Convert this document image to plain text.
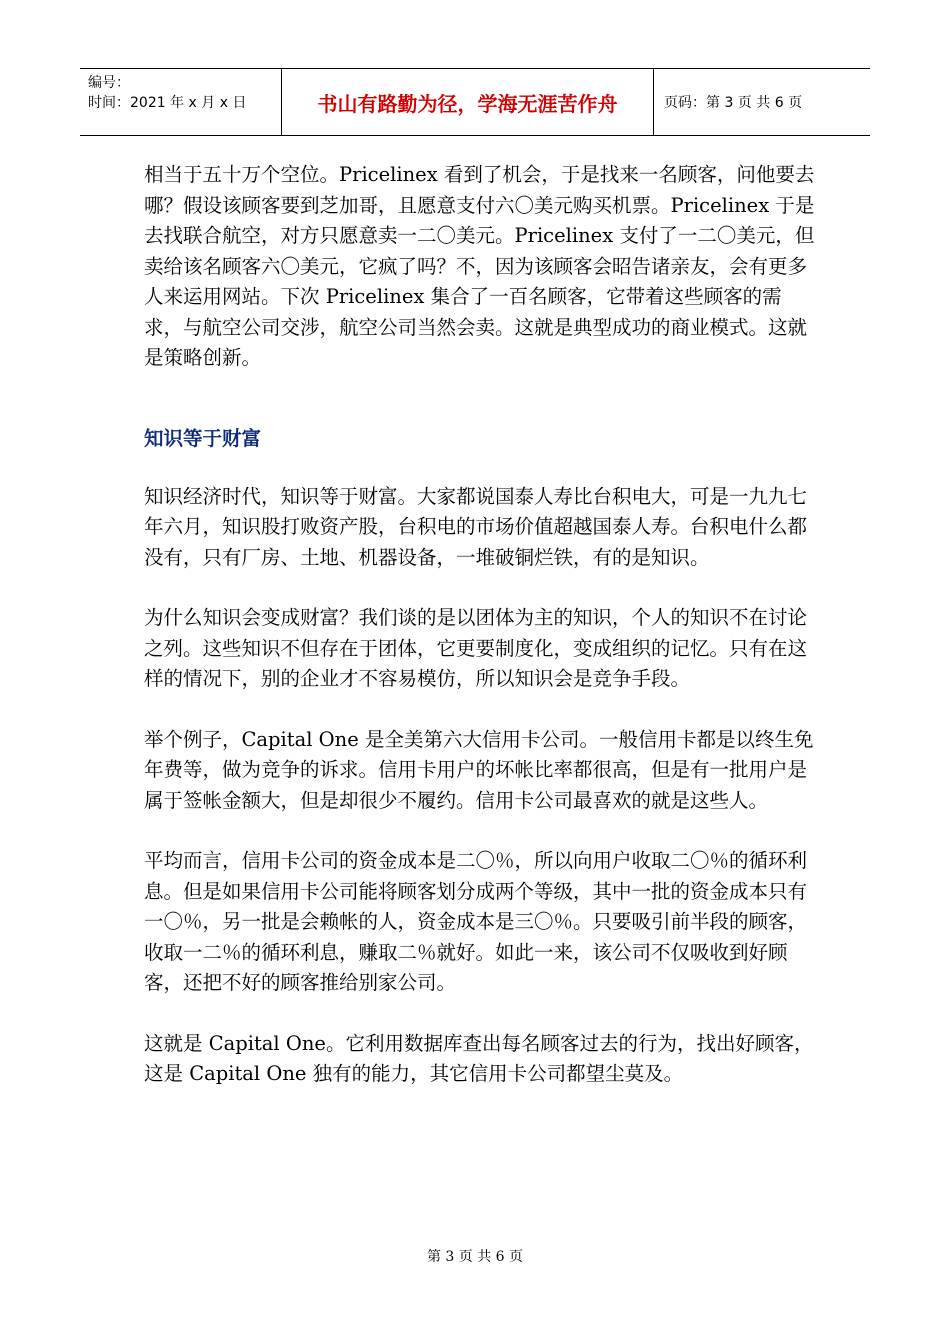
编号：
时间：2021 年 x 月 x 日	书山有路勤为径，学海无涯苦作舟	页码：第 3 页 共 6 页

相当于五十万个空位。Pricelinex 看到了机会，于是找来一名顾客，问他要去哪？假设该顾客要到芝加哥，且愿意支付六〇美元购买机票。Pricelinex 于是去找联合航空，对方只愿意卖一二〇美元。Pricelinex 支付了一二〇美元，但卖给该名顾客六〇美元，它疯了吗？不，因为该顾客会昭告诸亲友，会有更多人来运用网站。下次 Pricelinex 集合了一百名顾客，它带着这些顾客的需求，与航空公司交涉，航空公司当然会卖。这就是典型成功的商业模式。这就是策略创新。

知识等于财富

知识经济时代，知识等于财富。大家都说国泰人寿比台积电大，可是一九九七年六月，知识股打败资产股，台积电的市场价值超越国泰人寿。台积电什么都没有，只有厂房、土地、机器设备，一堆破铜烂铁，有的是知识。

为什么知识会变成财富？我们谈的是以团体为主的知识，个人的知识不在讨论之列。这些知识不但存在于团体，它更要制度化，变成组织的记忆。只有在这样的情况下，别的企业才不容易模仿，所以知识会是竞争手段。

举个例子，Capital One 是全美第六大信用卡公司。一般信用卡都是以终生免年费等，做为竞争的诉求。信用卡用户的坏帐比率都很高，但是有一批用户是属于签帐金额大，但是却很少不履约。信用卡公司最喜欢的就是这些人。

平均而言，信用卡公司的资金成本是二〇％，所以向用户收取二〇％的循环利息。但是如果信用卡公司能将顾客划分成两个等级，其中一批的资金成本只有一〇％，另一批是会赖帐的人，资金成本是三〇％。只要吸引前半段的顾客，收取一二％的循环利息，赚取二％就好。如此一来，该公司不仅吸收到好顾客，还把不好的顾客推给别家公司。

这就是 Capital One。它利用数据库查出每名顾客过去的行为，找出好顾客，这是 Capital One 独有的能力，其它信用卡公司都望尘莫及。

第 3 页 共 6 页
